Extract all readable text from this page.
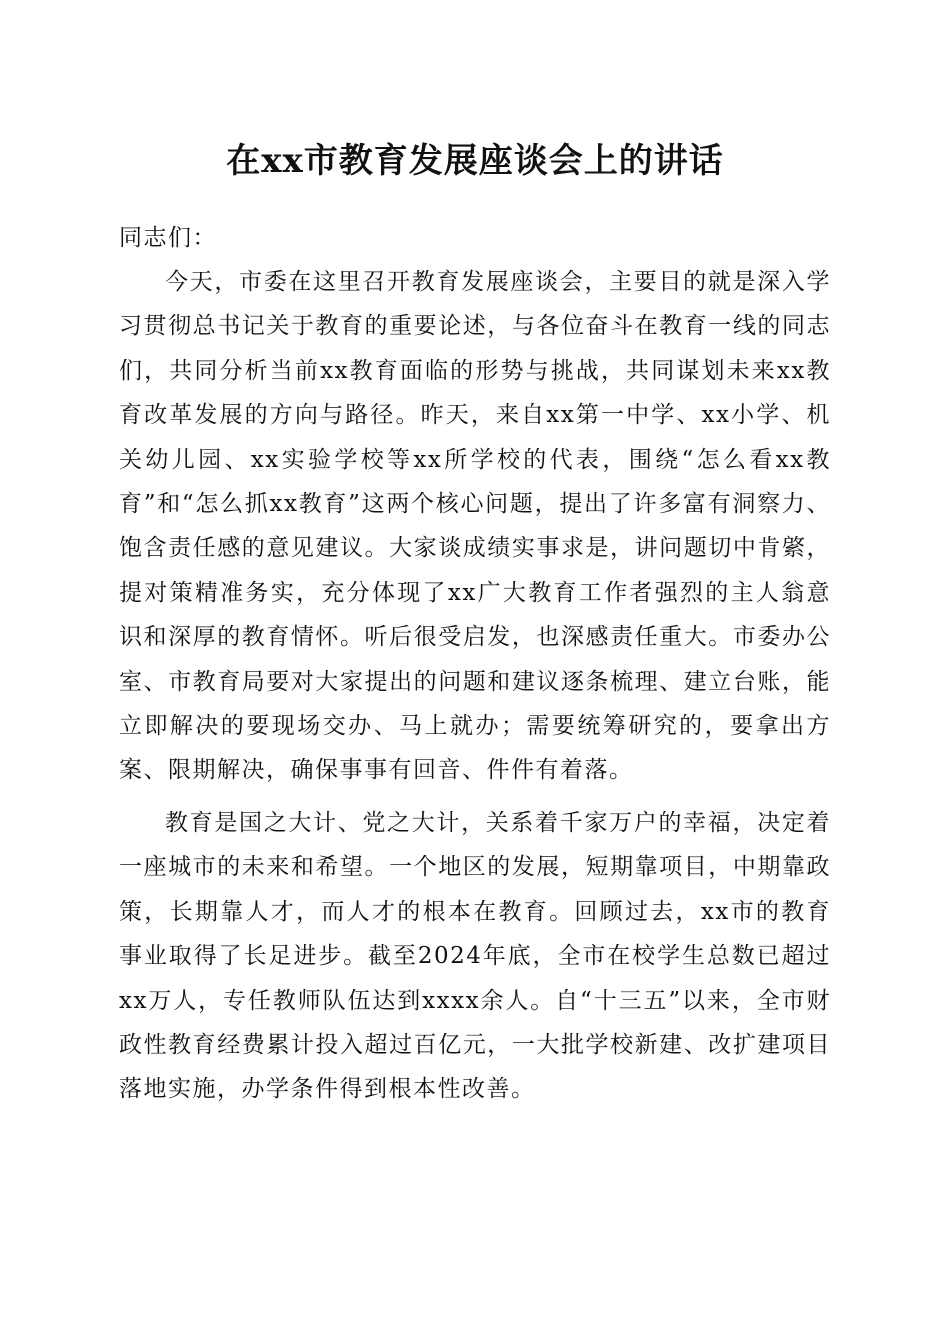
在xx市教育发展座谈会上的讲话

同志们：

今天，市委在这里召开教育发展座谈会，主要目的就是深入学习贯彻总书记关于教育的重要论述，与各位奋斗在教育一线的同志们，共同分析当前xx教育面临的形势与挑战，共同谋划未来xx教育改革发展的方向与路径。昨天，来自xx第一中学、xx小学、机关幼儿园、xx实验学校等xx所学校的代表，围绕“怎么看xx教育”和“怎么抓xx教育”这两个核心问题，提出了许多富有洞察力、饱含责任感的意见建议。大家谈成绩实事求是，讲问题切中肯綮，提对策精准务实，充分体现了xx广大教育工作者强烈的主人翁意识和深厚的教育情怀。听后很受启发，也深感责任重大。市委办公室、市教育局要对大家提出的问题和建议逐条梳理、建立台账，能立即解决的要现场交办、马上就办；需要统筹研究的，要拿出方案、限期解决，确保事事有回音、件件有着落。

教育是国之大计、党之大计，关系着千家万户的幸福，决定着一座城市的未来和希望。一个地区的发展，短期靠项目，中期靠政策，长期靠人才，而人才的根本在教育。回顾过去，xx市的教育事业取得了长足进步。截至2024年底，全市在校学生总数已超过xx万人，专任教师队伍达到xxxx余人。自“十三五”以来，全市财政性教育经费累计投入超过百亿元，一大批学校新建、改扩建项目落地实施，办学条件得到根本性改善。
